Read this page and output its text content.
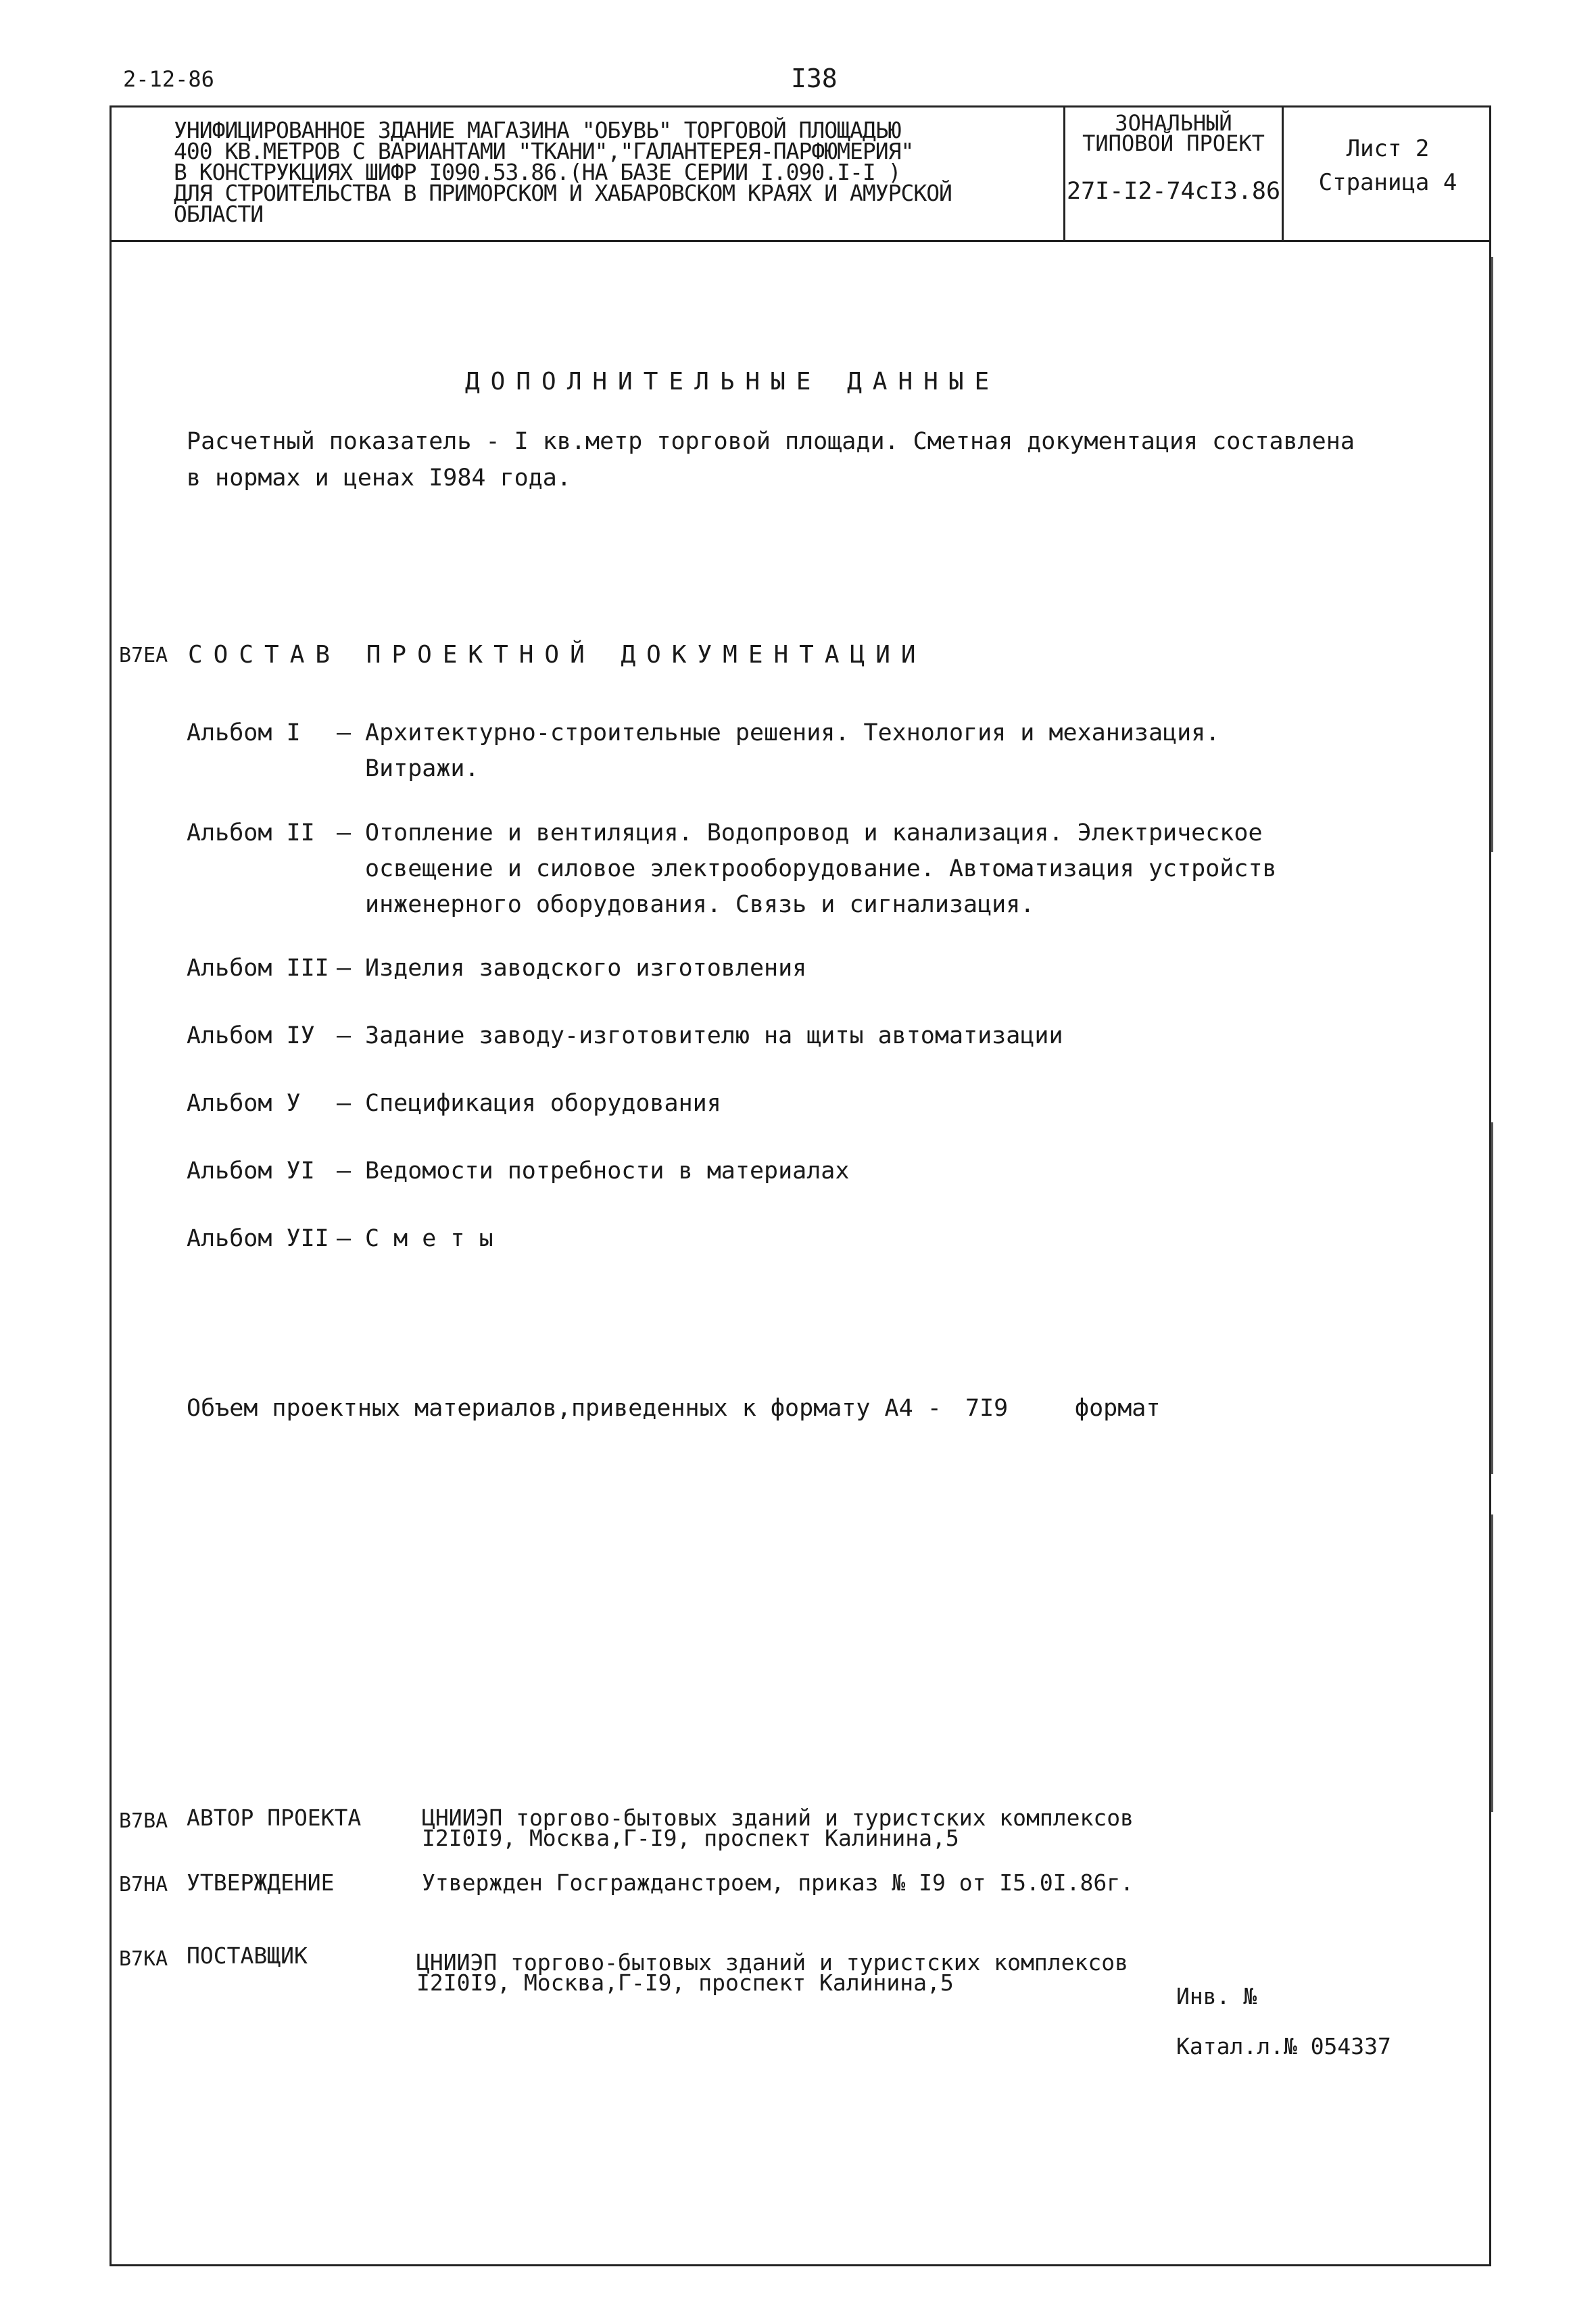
2-12-86	I38
УНИФИЦИРОВАННОЕ ЗДАНИЕ МАГАЗИНА "ОБУВЬ" ТОРГОВОЙ ПЛОЩАДЬЮ
400 КВ.МЕТРОВ С ВАРИАНТАМИ "ТКАНИ","ГАЛАНТЕРЕЯ-ПАРФЮМЕРИЯ"
В КОНСТРУКЦИЯХ ШИФР I090.53.86.(НА БАЗЕ СЕРИИ I.090.I-I )
ДЛЯ СТРОИТЕЛЬСТВА В ПРИМОРСКОМ И ХАБАРОВСКОМ КРАЯХ И АМУРСКОЙ
ОБЛАСТИ
ЗОНАЛЬНЫЙ
ТИПОВОЙ ПРОЕКТ
27I-I2-74cI3.86
Лист 2
Страница 4
ДОПОЛНИТЕЛЬНЫЕ ДАННЫЕ
Расчетный показатель - I кв.метр торговой площади. Сметная документация составлена
в нормах и ценах I984 года.
В7ЕА СОСТАВ ПРОЕКТНОЙ ДОКУМЕНТАЦИИ
Альбом I	– Архитектурно-строительные решения. Технология и механизация.
Витражи.
Альбом II – Отопление и вентиляция. Водопровод и канализация. Электрическое
освещение и силовое электрооборудование. Автоматизация устройств
инженерного оборудования. Связь и сигнализация.
Альбом III – Изделия заводского изготовления
Альбом IУ – Задание заводу-изготовителю на щиты автоматизации
Альбом У	– Спецификация оборудования
Альбом УI – Ведомости потребности в материалах
Альбом УII – С м е т ы
Объем проектных материалов,приведенных к формату А4 - 7I9	формат
В7ВА АВТОР ПРОЕКТА	ЦНИИЭП торгово-бытовых зданий и туристских комплексов
I2I0I9, Москва,Г-I9, проспект Калинина,5
В7НА УТВЕРЖДЕНИЕ	Утвержден Госгражданстроем, приказ № I9 от I5.0I.86г.
В7КА ПОСТАВЩИК	ЦНИИЭП торгово-бытовых зданий и туристских комплексов
I2I0I9, Москва,Г-I9, проспект Калинина,5
Инв. №
Катал.л.№ 054337
